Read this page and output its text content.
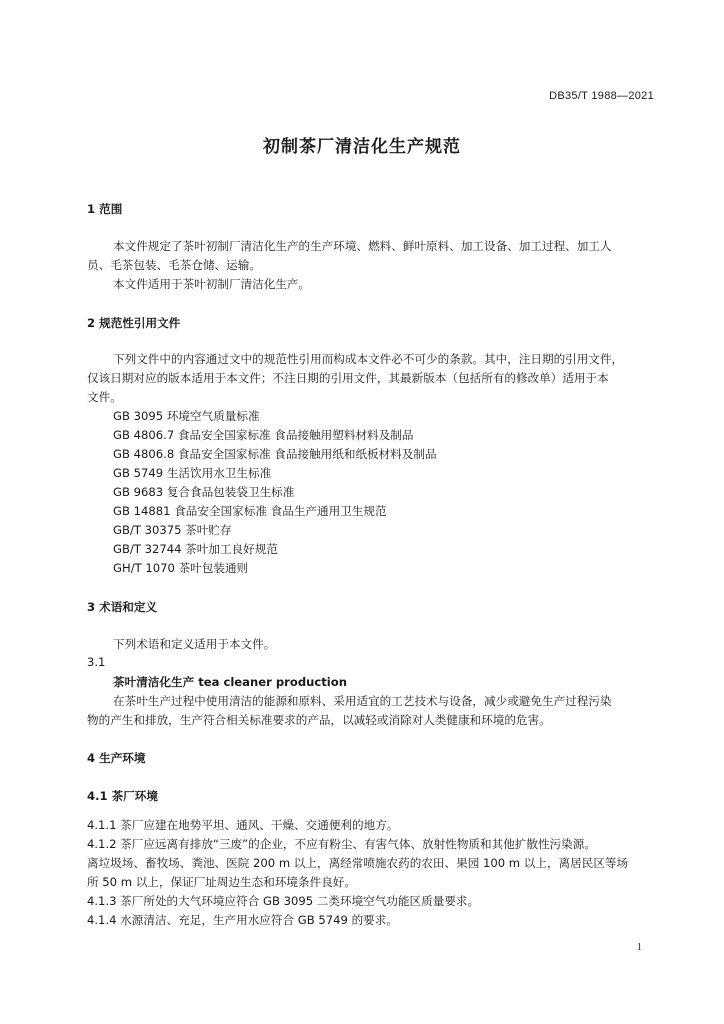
DB35/T 1988—2021
初制茶厂清洁化生产规范
1 范围
本文件规定了茶叶初制厂清洁化生产的生产环境、燃料、鲜叶原料、加工设备、加工过程、加工人
员、毛茶包装、毛茶仓储、运输。
本文件适用于茶叶初制厂清洁化生产。
2 规范性引用文件
下列文件中的内容通过文中的规范性引用而构成本文件必不可少的条款。其中，注日期的引用文件，
仅该日期对应的版本适用于本文件；不注日期的引用文件，其最新版本（包括所有的修改单）适用于本
文件。
GB 3095 环境空气质量标准
GB 4806.7 食品安全国家标准 食品接触用塑料材料及制品
GB 4806.8 食品安全国家标准 食品接触用纸和纸板材料及制品
GB 5749 生活饮用水卫生标准
GB 9683 复合食品包装袋卫生标准
GB 14881 食品安全国家标准 食品生产通用卫生规范
GB/T 30375 茶叶贮存
GB/T 32744 茶叶加工良好规范
GH/T 1070 茶叶包装通则
3 术语和定义
下列术语和定义适用于本文件。
3.1
茶叶清洁化生产 tea cleaner production
在茶叶生产过程中使用清洁的能源和原料、采用适宜的工艺技术与设备，减少或避免生产过程污染
物的产生和排放，生产符合相关标准要求的产品，以减轻或消除对人类健康和环境的危害。
4 生产环境
4.1 茶厂环境
4.1.1 茶厂应建在地势平坦、通风、干燥、交通便利的地方。
4.1.2 茶厂应远离有排放“三废”的企业，不应有粉尘、有害气体、放射性物质和其他扩散性污染源。
离垃圾场、畜牧场、粪池、医院 200 m 以上，离经常喷施农药的农田、果园 100 m 以上，离居民区等场
所 50 m 以上，保证厂址周边生态和环境条件良好。
4.1.3 茶厂所处的大气环境应符合 GB 3095 二类环境空气功能区质量要求。
4.1.4 水源清洁、充足，生产用水应符合 GB 5749 的要求。
1
